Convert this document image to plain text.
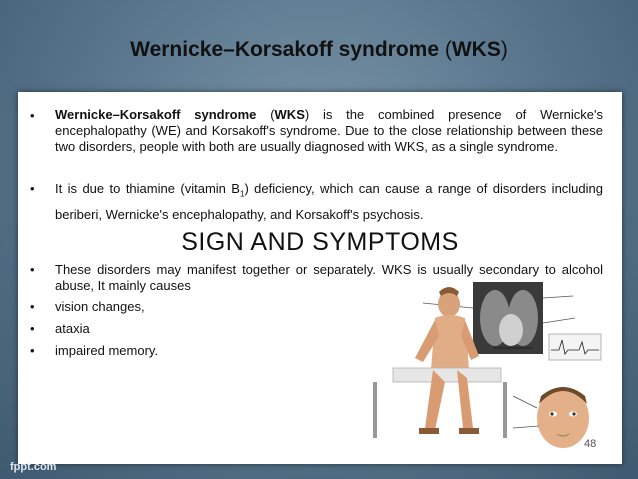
Wernicke–Korsakoff syndrome (WKS)
• Wernicke–Korsakoff syndrome (WKS) is the combined presence of Wernicke's encephalopathy (WE) and Korsakoff's syndrome. Due to the close relationship between these two disorders, people with both are usually diagnosed with WKS, as a single syndrome.
• It is due to thiamine (vitamin $B_1$) deficiency, which can cause a range of disorders including beriberi, Wernicke's encephalopathy, and Korsakoff's psychosis.
SIGN AND SYMPTOMS
• These disorders may manifest together or separately. WKS is usually secondary to alcohol abuse, It mainly causes
• vision changes,
• ataxia
• impaired memory.
48
fppt.com
